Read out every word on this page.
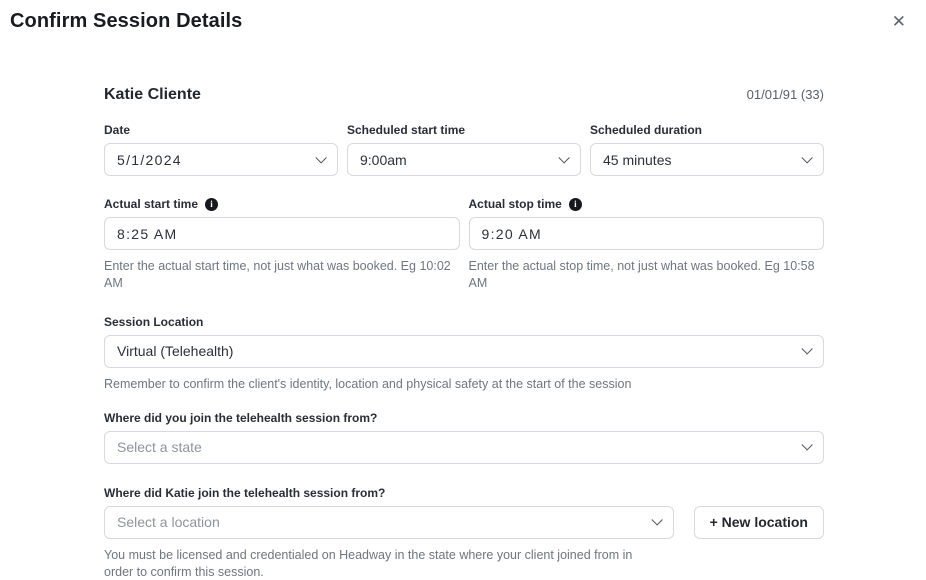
Confirm Session Details	✕
Katie Cliente	01/01/91 (33)
Date
5/1/2024
Scheduled start time
9:00am
Scheduled duration
45 minutes
Actual start time	i
8:25 AM
Enter the actual start time, not just what was booked. Eg 10:02 AM
Actual stop time	i
9:20 AM
Enter the actual stop time, not just what was booked. Eg 10:58 AM
Session Location
Virtual (Telehealth)
Remember to confirm the client's identity, location and physical safety at the start of the session
Where did you join the telehealth session from?
Select a state
Where did Katie join the telehealth session from?
Select a location	+ New location
You must be licensed and credentialed on Headway in the state where your client joined from in order to confirm this session.
